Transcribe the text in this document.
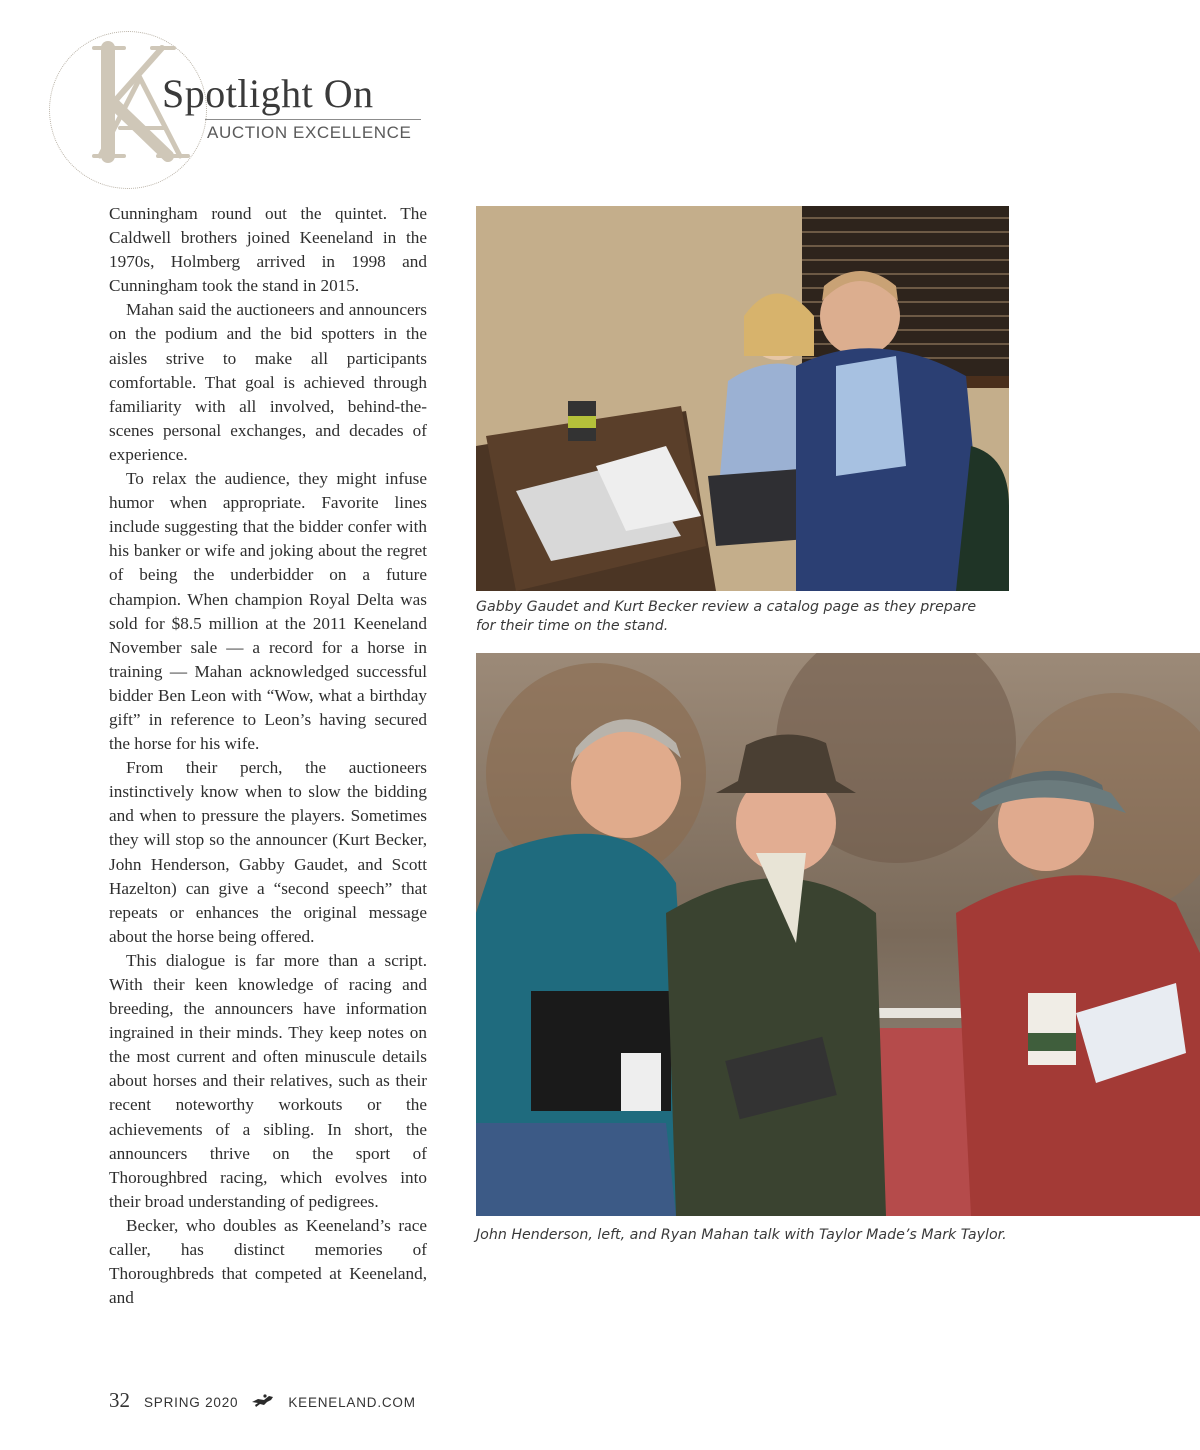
Spotlight On
AUCTION EXCELLENCE

Cunningham round out the quintet. The Caldwell brothers joined Keeneland in the 1970s, Holmberg arrived in 1998 and Cunningham took the stand in 2015.

Mahan said the auctioneers and announcers on the podium and the bid spotters in the aisles strive to make all participants comfortable. That goal is achieved through familiarity with all involved, behind-the-scenes personal exchanges, and decades of experience.

To relax the audience, they might infuse humor when appropriate. Favorite lines include suggesting that the bidder confer with his banker or wife and joking about the regret of being the underbidder on a future champion. When champion Royal Delta was sold for $8.5 million at the 2011 Keeneland November sale — a record for a horse in training — Mahan acknowledged successful bidder Ben Leon with “Wow, what a birthday gift” in reference to Leon’s having secured the horse for his wife.

From their perch, the auctioneers instinctively know when to slow the bidding and when to pressure the players. Sometimes they will stop so the announcer (Kurt Becker, John Henderson, Gabby Gaudet, and Scott Hazelton) can give a “second speech” that repeats or enhances the original message about the horse being offered.

This dialogue is far more than a script. With their keen knowledge of racing and breeding, the announcers have information ingrained in their minds. They keep notes on the most current and often minuscule details about horses and their relatives, such as their recent noteworthy workouts or the achievements of a sibling. In short, the announcers thrive on the sport of Thoroughbred racing, which evolves into their broad understanding of pedigrees.

Becker, who doubles as Keeneland’s race caller, has distinct memories of Thoroughbreds that competed at Keeneland, and

Gabby Gaudet and Kurt Becker review a catalog page as they prepare for their time on the stand.
John Henderson, left, and Ryan Mahan talk with Taylor Made’s Mark Taylor.
32 SPRING 2020	KEENELAND.COM
